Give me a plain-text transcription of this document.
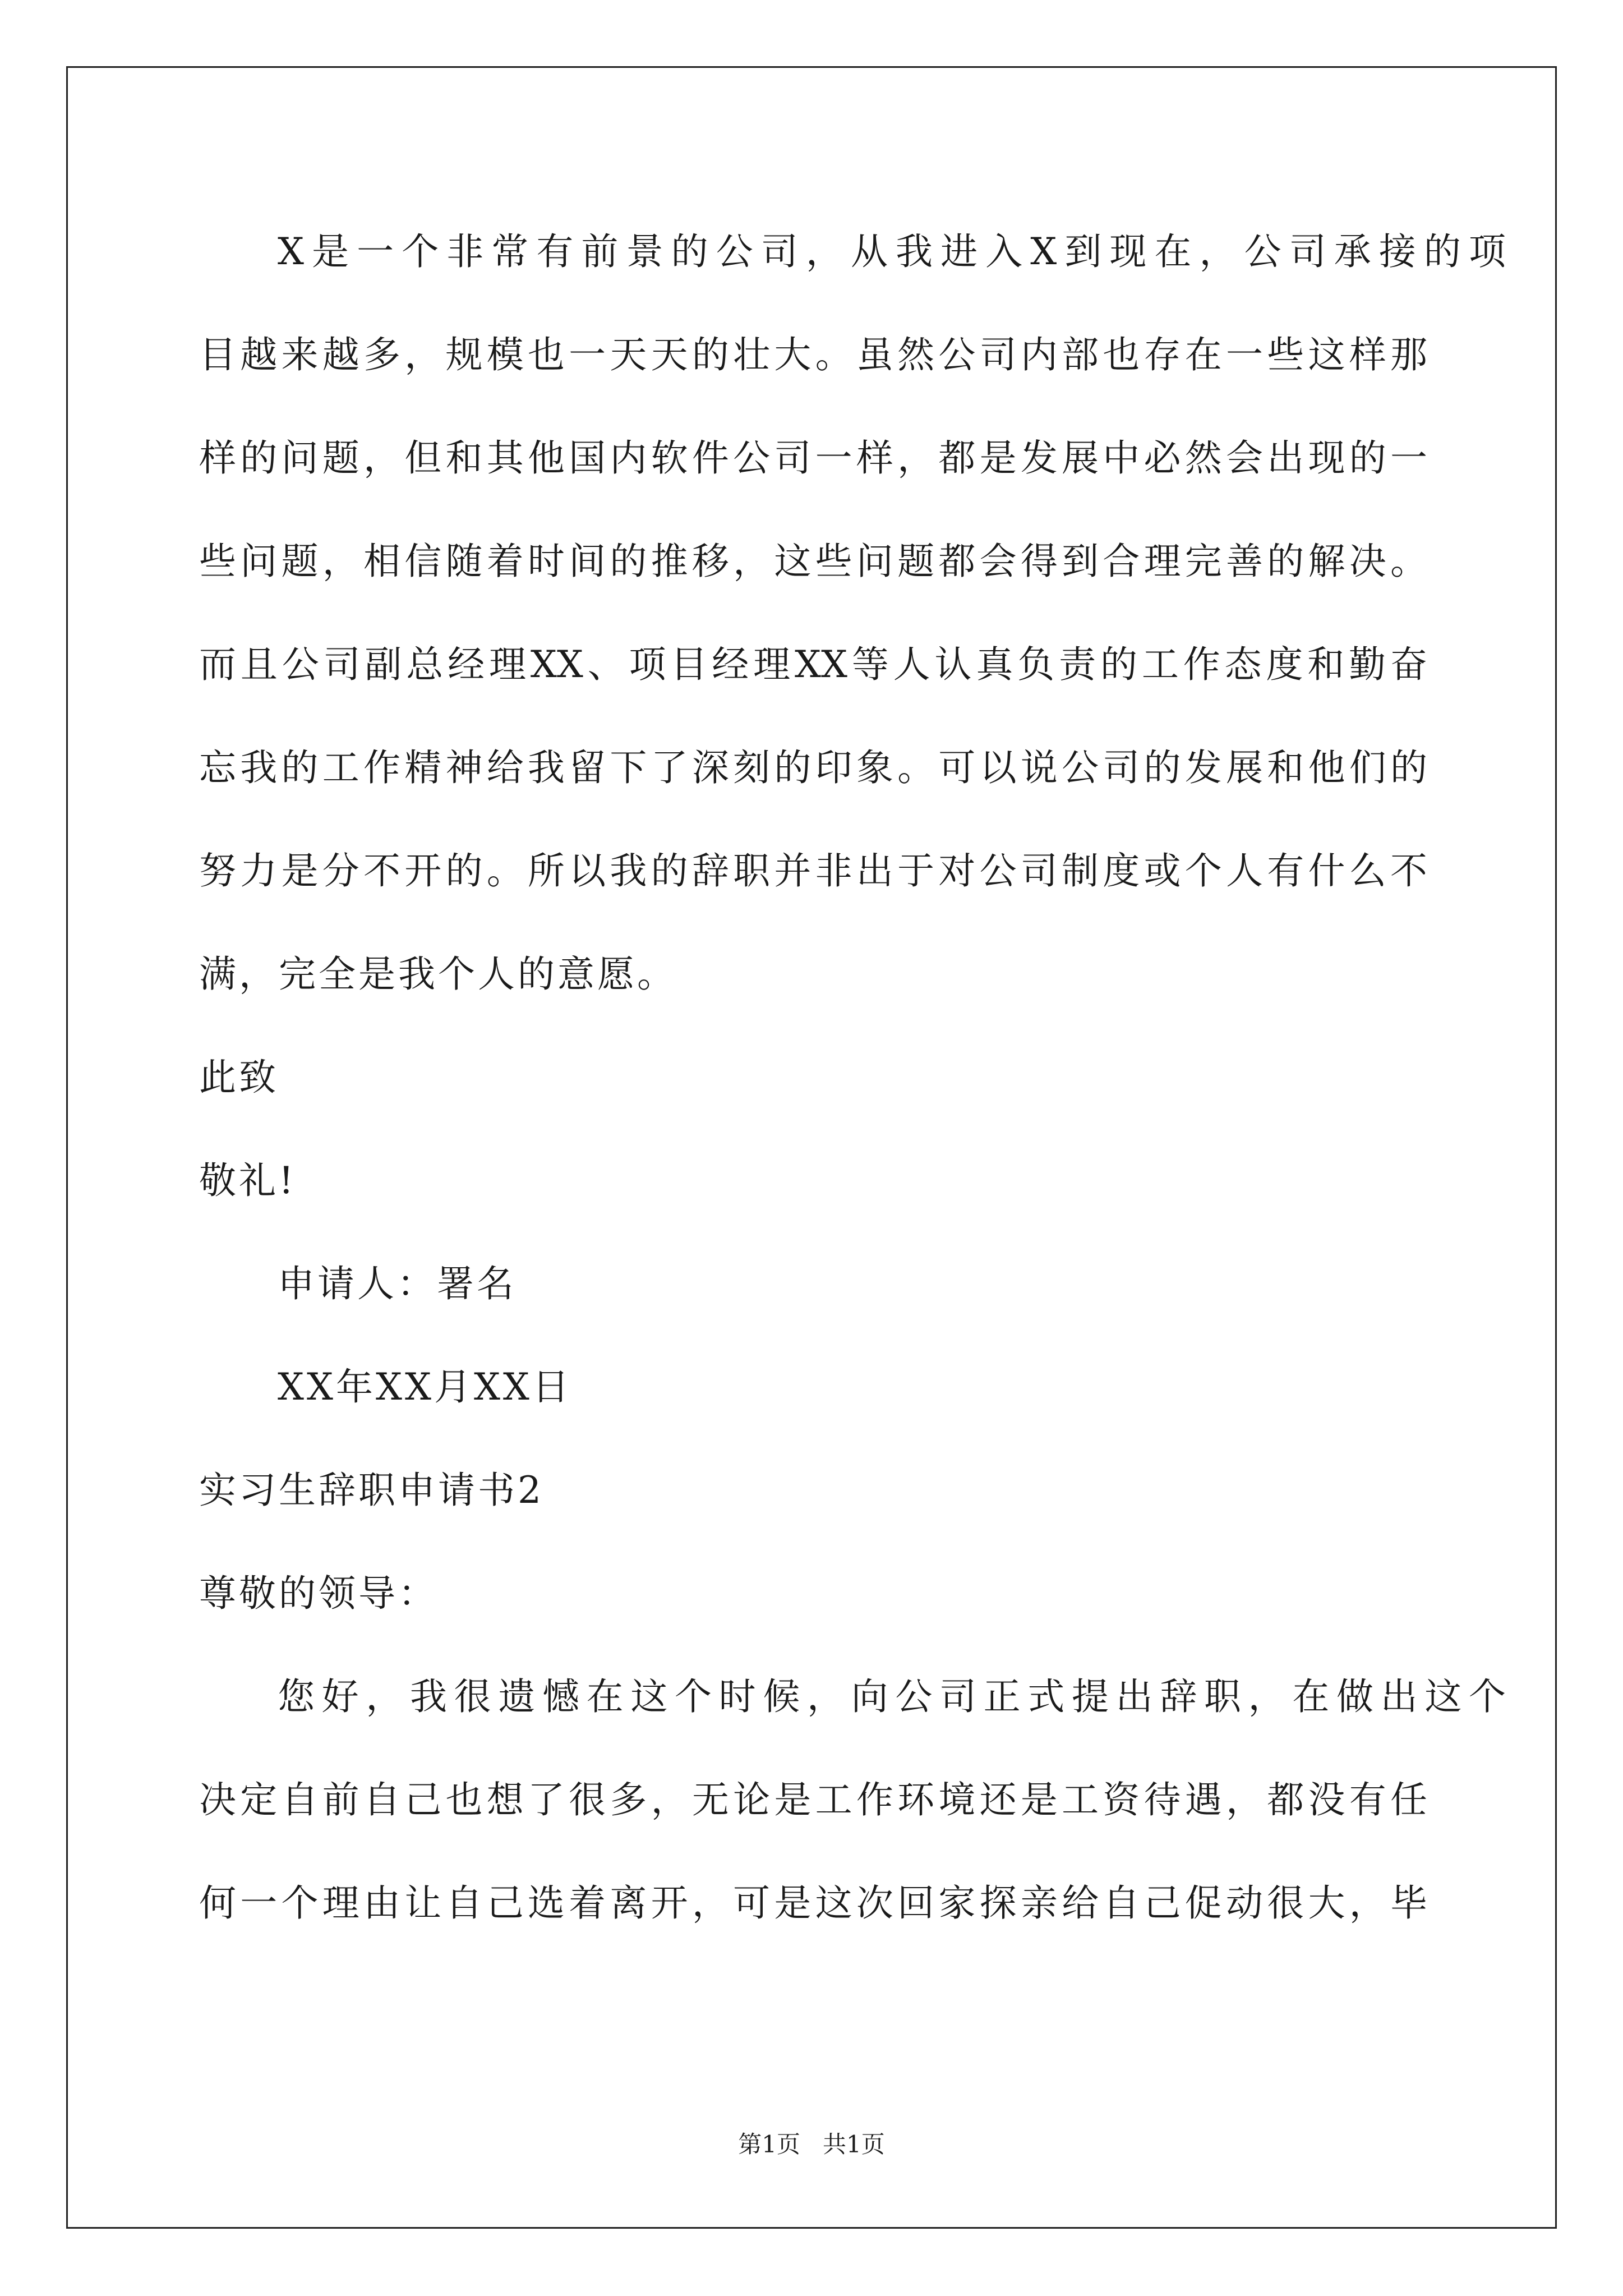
X是一个非常有前景的公司，从我进入X到现在，公司承接的项
目越来越多，规模也一天天的壮大。虽然公司内部也存在一些这样那
样的问题，但和其他国内软件公司一样，都是发展中必然会出现的一
些问题，相信随着时间的推移，这些问题都会得到合理完善的解决。
而且公司副总经理XX、项目经理XX等人认真负责的工作态度和勤奋
忘我的工作精神给我留下了深刻的印象。可以说公司的发展和他们的
努力是分不开的。所以我的辞职并非出于对公司制度或个人有什么不
满，完全是我个人的意愿。
此致
敬礼!
申请人：署名
XX年XX月XX日
实习生辞职申请书2
尊敬的领导：
您好，我很遗憾在这个时候，向公司正式提出辞职，在做出这个
决定自前自己也想了很多，无论是工作环境还是工资待遇，都没有任
何一个理由让自己选着离开，可是这次回家探亲给自己促动很大，毕
第1页   共1页
